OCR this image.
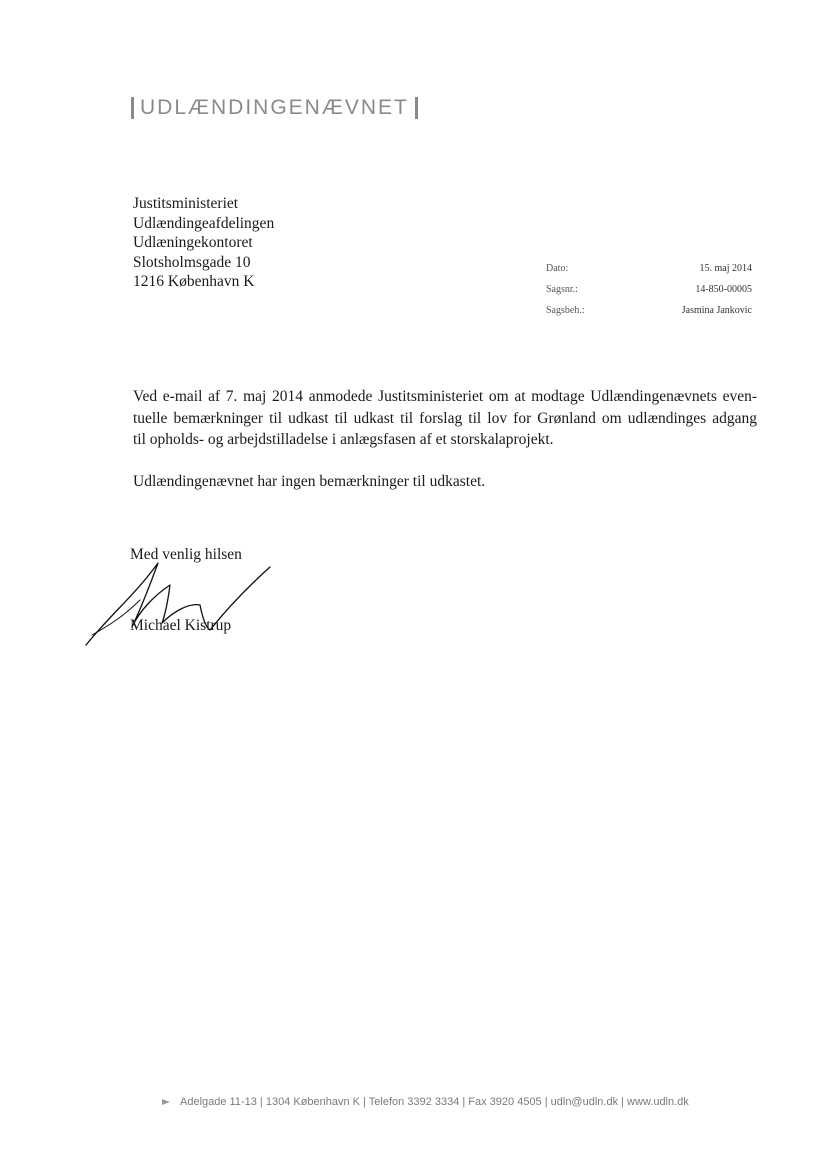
UDLÆNDINGENÆVNET
Justitsministeriet
Udlændingeafdelingen
Udlæningekontoret
Slotsholmsgade 10
1216 København K
Dato:	15. maj 2014
Sagsnr.:	14-850-00005
Sagsbeh.:	Jasmina Jankovic
Ved e-mail af 7. maj 2014 anmodede Justitsministeriet om at modtage Udlændingenævnets even-
tuelle bemærkninger til udkast til udkast til forslag til lov for Grønland om udlændinges adgang
til opholds- og arbejdstilladelse i anlægsfasen af et storskalaprojekt.
Udlændingenævnet har ingen bemærkninger til udkastet.
Med venlig hilsen
Michael Kistrup
Adelgade 11-13 | 1304 København K | Telefon 3392 3334 | Fax 3920 4505 | udln@udln.dk | www.udln.dk
